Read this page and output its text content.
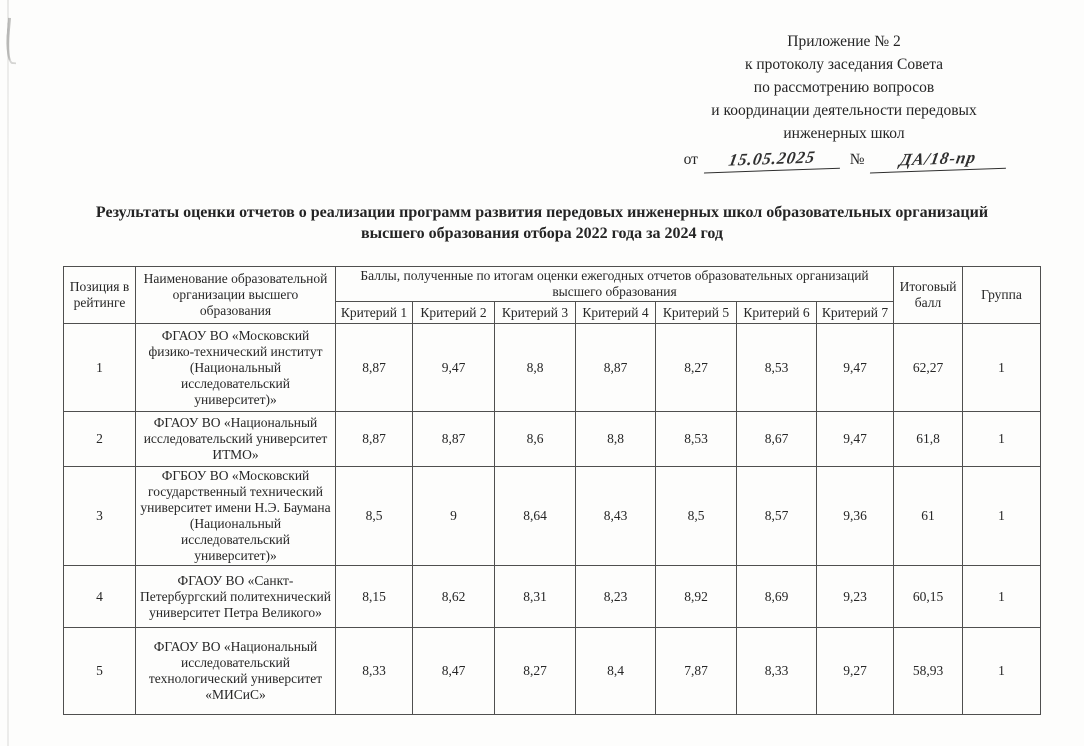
Приложение № 2
к протоколу заседания Совета
по рассмотрению вопросов
и координации деятельности передовых
инженерных школ
от 15.05.2025 № ДА/18-пр
Результаты оценки отчетов о реализации программ развития передовых инженерных школ образовательных организаций высшего образования отбора 2022 года за 2024 год
Позиция в рейтинге	Наименование образовательной организации высшего образования	Баллы, полученные по итогам оценки ежегодных отчетов образовательных организаций высшего образования							Итоговый балл	Группа
		Критерий 1	Критерий 2	Критерий 3	Критерий 4	Критерий 5	Критерий 6	Критерий 7		
1	ФГАОУ ВО «Московский физико-технический институт (Национальный исследовательский университет)»	8,87	9,47	8,8	8,87	8,27	8,53	9,47	62,27	1
2	ФГАОУ ВО «Национальный исследовательский университет ИТМО»	8,87	8,87	8,6	8,8	8,53	8,67	9,47	61,8	1
3	ФГБОУ ВО «Московский государственный технический университет имени Н.Э. Баумана (Национальный исследовательский университет)»	8,5	9	8,64	8,43	8,5	8,57	9,36	61	1
4	ФГАОУ ВО «Санкт-Петербургский политехнический университет Петра Великого»	8,15	8,62	8,31	8,23	8,92	8,69	9,23	60,15	1
5	ФГАОУ ВО «Национальный исследовательский технологический университет «МИСиС»	8,33	8,47	8,27	8,4	7,87	8,33	9,27	58,93	1
